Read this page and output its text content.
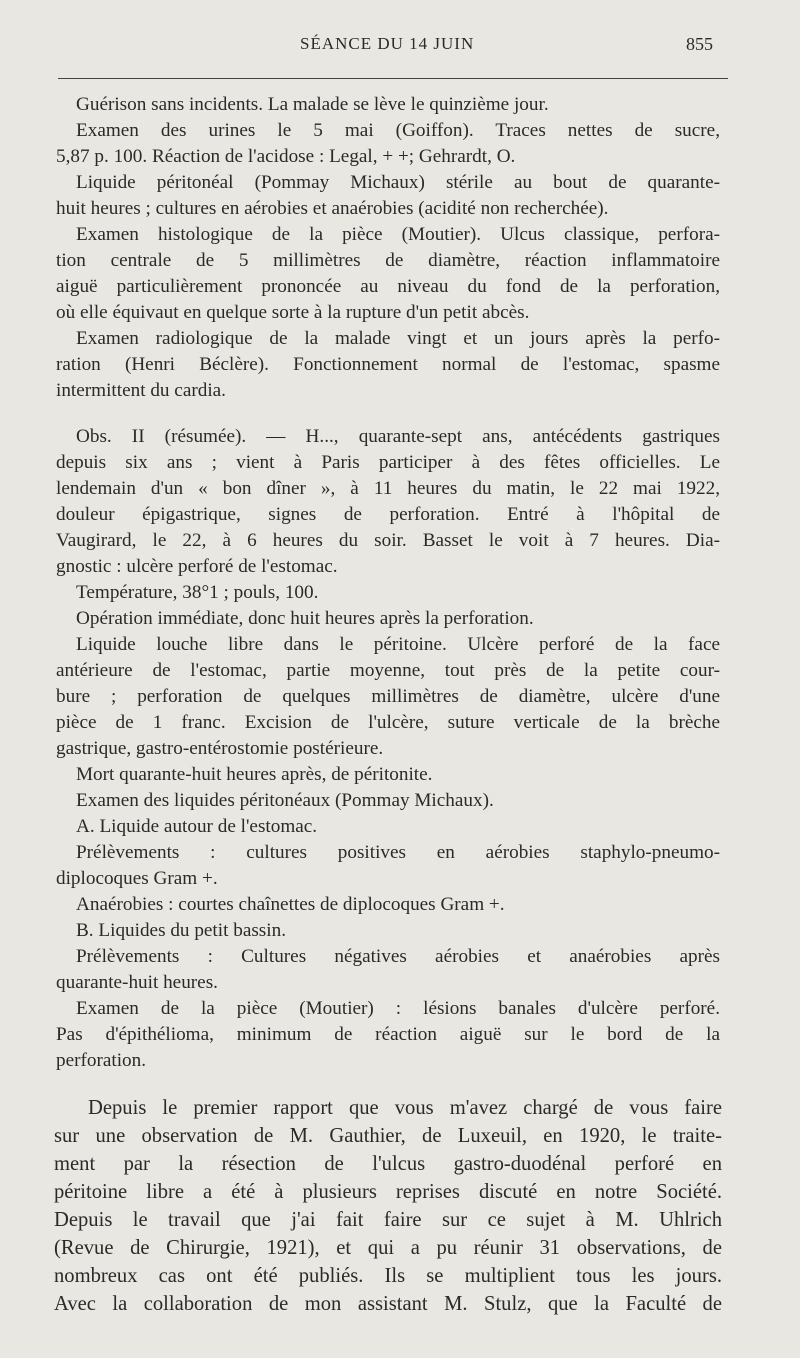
SÉANCE DU 14 JUIN	855
Guérison sans incidents. La malade se lève le quinzième jour.
Examen des urines le 5 mai (Goiffon). Traces nettes de sucre,
5,87 p. 100. Réaction de l'acidose : Legal, + +; Gehrardt, O.
Liquide péritonéal (Pommay Michaux) stérile au bout de quarante-
huit heures ; cultures en aérobies et anaérobies (acidité non recherchée).
Examen histologique de la pièce (Moutier). Ulcus classique, perfora-
tion centrale de 5 millimètres de diamètre, réaction inflammatoire
aiguë particulièrement prononcée au niveau du fond de la perforation,
où elle équivaut en quelque sorte à la rupture d'un petit abcès.
Examen radiologique de la malade vingt et un jours après la perfo-
ration (Henri Béclère). Fonctionnement normal de l'estomac, spasme
intermittent du cardia.
Obs. II (résumée). — H..., quarante-sept ans, antécédents gastriques
depuis six ans ; vient à Paris participer à des fêtes officielles. Le
lendemain d'un « bon dîner », à 11 heures du matin, le 22 mai 1922,
douleur épigastrique, signes de perforation. Entré à l'hôpital de
Vaugirard, le 22, à 6 heures du soir. Basset le voit à 7 heures. Dia-
gnostic : ulcère perforé de l'estomac.
Température, 38°1 ; pouls, 100.
Opération immédiate, donc huit heures après la perforation.
Liquide louche libre dans le péritoine. Ulcère perforé de la face
antérieure de l'estomac, partie moyenne, tout près de la petite cour-
bure ; perforation de quelques millimètres de diamètre, ulcère d'une
pièce de 1 franc. Excision de l'ulcère, suture verticale de la brèche
gastrique, gastro-entérostomie postérieure.
Mort quarante-huit heures après, de péritonite.
Examen des liquides péritonéaux (Pommay Michaux).
A. Liquide autour de l'estomac.
Prélèvements : cultures positives en aérobies staphylo-pneumo-
diplocoques Gram +.
Anaérobies : courtes chaînettes de diplocoques Gram +.
B. Liquides du petit bassin.
Prélèvements : Cultures négatives aérobies et anaérobies après
quarante-huit heures.
Examen de la pièce (Moutier) : lésions banales d'ulcère perforé.
Pas d'épithélioma, minimum de réaction aiguë sur le bord de la
perforation.
Depuis le premier rapport que vous m'avez chargé de vous faire
sur une observation de M. Gauthier, de Luxeuil, en 1920, le traite-
ment par la résection de l'ulcus gastro-duodénal perforé en
péritoine libre a été à plusieurs reprises discuté en notre Société.
Depuis le travail que j'ai fait faire sur ce sujet à M. Uhlrich
(Revue de Chirurgie, 1921), et qui a pu réunir 31 observations, de
nombreux cas ont été publiés. Ils se multiplient tous les jours.
Avec la collaboration de mon assistant M. Stulz, que la Faculté de
